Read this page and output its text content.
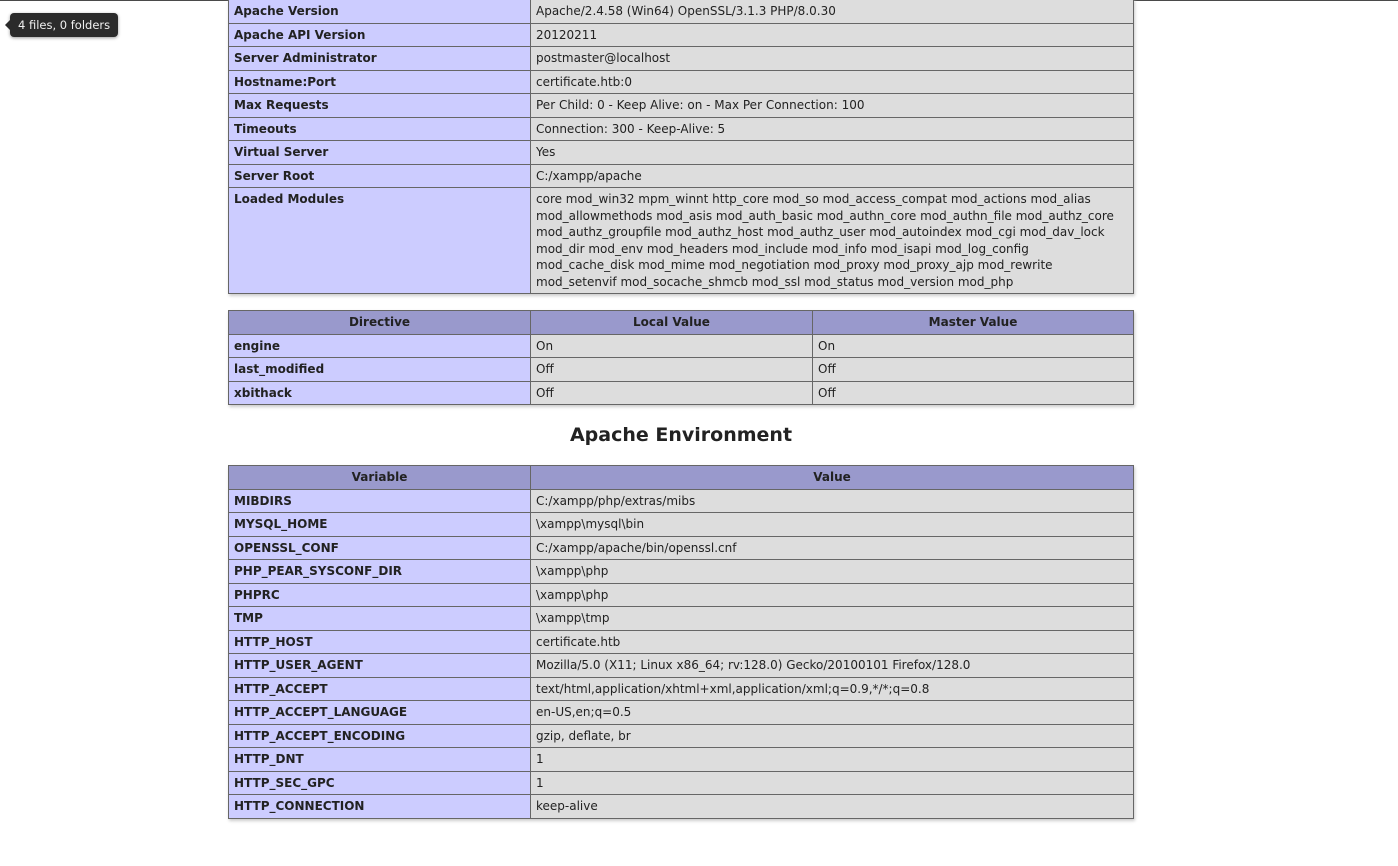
4 files, 0 folders
Apache Version	Apache/2.4.58 (Win64) OpenSSL/3.1.3 PHP/8.0.30
Apache API Version	20120211
Server Administrator	postmaster@localhost
Hostname:Port	certificate.htb:0
Max Requests	Per Child: 0 - Keep Alive: on - Max Per Connection: 100
Timeouts	Connection: 300 - Keep-Alive: 5
Virtual Server	Yes
Server Root	C:/xampp/apache
Loaded Modules	core mod_win32 mpm_winnt http_core mod_so mod_access_compat mod_actions mod_alias mod_allowmethods mod_asis mod_auth_basic mod_authn_core mod_authn_file mod_authz_core mod_authz_groupfile mod_authz_host mod_authz_user mod_autoindex mod_cgi mod_dav_lock mod_dir mod_env mod_headers mod_include mod_info mod_isapi mod_log_config mod_cache_disk mod_mime mod_negotiation mod_proxy mod_proxy_ajp mod_rewrite mod_setenvif mod_socache_shmcb mod_ssl mod_status mod_version mod_php
Directive	Local Value	Master Value
engine	On	On
last_modified	Off	Off
xbithack	Off	Off
Apache Environment
Variable	Value
MIBDIRS	C:/xampp/php/extras/mibs
MYSQL_HOME	\xampp\mysql\bin
OPENSSL_CONF	C:/xampp/apache/bin/openssl.cnf
PHP_PEAR_SYSCONF_DIR	\xampp\php
PHPRC	\xampp\php
TMP	\xampp\tmp
HTTP_HOST	certificate.htb
HTTP_USER_AGENT	Mozilla/5.0 (X11; Linux x86_64; rv:128.0) Gecko/20100101 Firefox/128.0
HTTP_ACCEPT	text/html,application/xhtml+xml,application/xml;q=0.9,*/*;q=0.8
HTTP_ACCEPT_LANGUAGE	en-US,en;q=0.5
HTTP_ACCEPT_ENCODING	gzip, deflate, br
HTTP_DNT	1
HTTP_SEC_GPC	1
HTTP_CONNECTION	keep-alive
